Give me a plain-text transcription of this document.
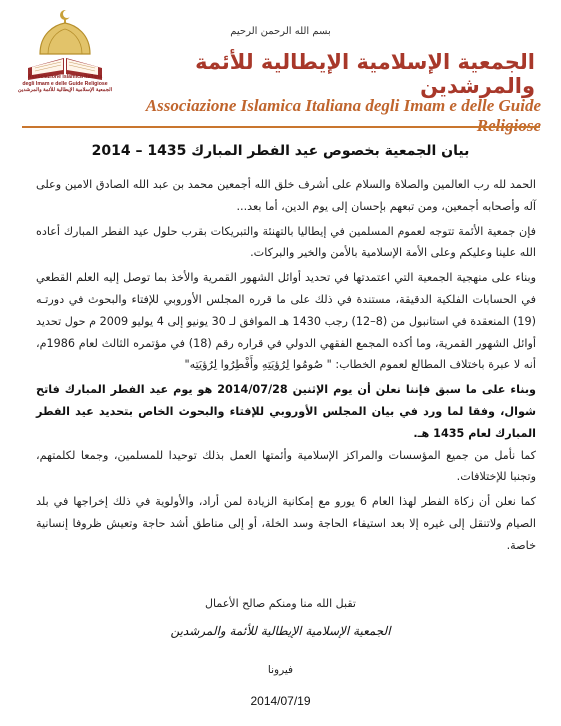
بسم الله الرحمن الرحيم
Associazione Islamica Italiana
degli Imam e delle Guide Religiose
الجمعية الإسلامية الإيطالية للأئمة والمرشدين
الجمعية الإسلامية الإيطالية للأئمة والمرشدين
Associazione Islamica Italiana degli Imam e delle Guide Religiose
بيان الجمعية بخصوص عيد الفطر المبارك 1435 – 2014

الحمد لله رب العالمين والصلاة والسلام على أشرف خلق الله أجمعين محمد بن عبد الله الصادق الامين وعلى آله وأصحابه أجمعين، ومن تبعهم بإحسان إلى يوم الدين، أما بعد...

فإن جمعية الأئمة تتوجه لعموم المسلمين في إيطاليا بالتهنئة والتبريكات بقرب حلول عيد الفطر المبارك أعاده الله علينا وعليكم وعلى الأمة الإسلامية بالأمن والخير والبركات.

وبناء على منهجية الجمعية التي اعتمدتها في تحديد أوائل الشهور القمرية والأخذ بما توصل إليه العلم القطعي في الحسابات الفلكية الدقيقة، مستندة في ذلك على ما قرره المجلس الأوروبي للإفتاء والبحوث في دورتـه (19) المنعقدة في استانبول من (8–12) رجب 1430 هـ الموافق لـ 30 يونيو إلى 4 يوليو 2009 م حول تحديد أوائل الشهور القمرية، وما أكده المجمع الفقهي الدولي في قراره رقم (18) في مؤتمره الثالث لعام 1986م، أنه لا عبرة باختلاف المطالع لعموم الخطاب: " صُومُوا لِرُؤيَتِهِ وأَفْطِرُوا لِرُؤيَتِه"

وبناء على ما سبق فإننا نعلن أن يوم الإثنين 2014/07/28 هو يوم عيد الفطر المبارك فاتح شوال، وفقا لما ورد في بيان المجلس الأوروبي للإفتاء والبحوث الخاص بتحديد عيد الفطر المبارك لعام 1435 هـ.

كما نأمل من جميع المؤسسات والمراكز الإسلامية وأئمتها العمل بذلك توحيدا للمسلمين، وجمعا لكلمتهم، وتجنبا للإختلافات.

كما نعلن أن زكاة الفطر لهذا العام 6 يورو مع إمكانية الزيادة لمن أراد، والأولوية في ذلك إخراجها في بلد الصيام ولاتنقل إلى غيره إلا بعد استيفاء الحاجة وسد الخلة، أو إلى مناطق أشد حاجة وتعيش ظروفا إنسانية خاصة.

تقبل الله منا ومنكم صالح الأعمال
الجمعية الإسلامية الإيطالية للأئمة والمرشدين
فيرونا
2014/07/19
